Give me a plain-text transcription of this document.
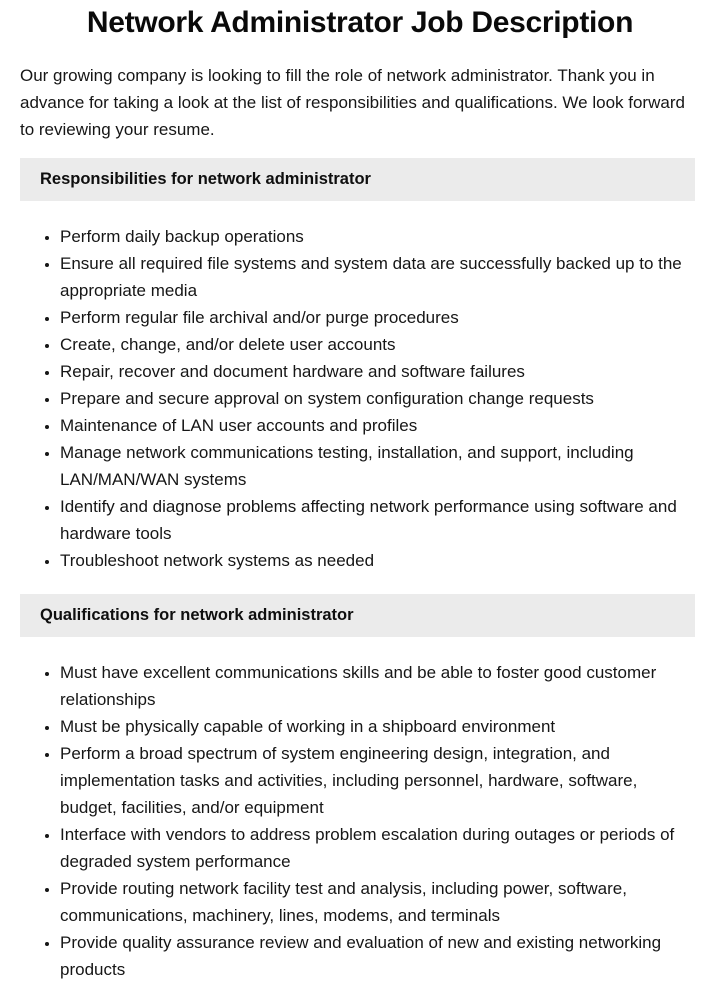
Network Administrator Job Description

Our growing company is looking to fill the role of network administrator. Thank you in advance for taking a look at the list of responsibilities and qualifications. We look forward to reviewing your resume.

Responsibilities for network administrator
• Perform daily backup operations
• Ensure all required file systems and system data are successfully backed up to the appropriate media
• Perform regular file archival and/or purge procedures
• Create, change, and/or delete user accounts
• Repair, recover and document hardware and software failures
• Prepare and secure approval on system configuration change requests
• Maintenance of LAN user accounts and profiles
• Manage network communications testing, installation, and support, including LAN/MAN/WAN systems
• Identify and diagnose problems affecting network performance using software and hardware tools
• Troubleshoot network systems as needed
Qualifications for network administrator
• Must have excellent communications skills and be able to foster good customer relationships
• Must be physically capable of working in a shipboard environment
• Perform a broad spectrum of system engineering design, integration, and implementation tasks and activities, including personnel, hardware, software, budget, facilities, and/or equipment
• Interface with vendors to address problem escalation during outages or periods of degraded system performance
• Provide routing network facility test and analysis, including power, software, communications, machinery, lines, modems, and terminals
• Provide quality assurance review and evaluation of new and existing networking products
